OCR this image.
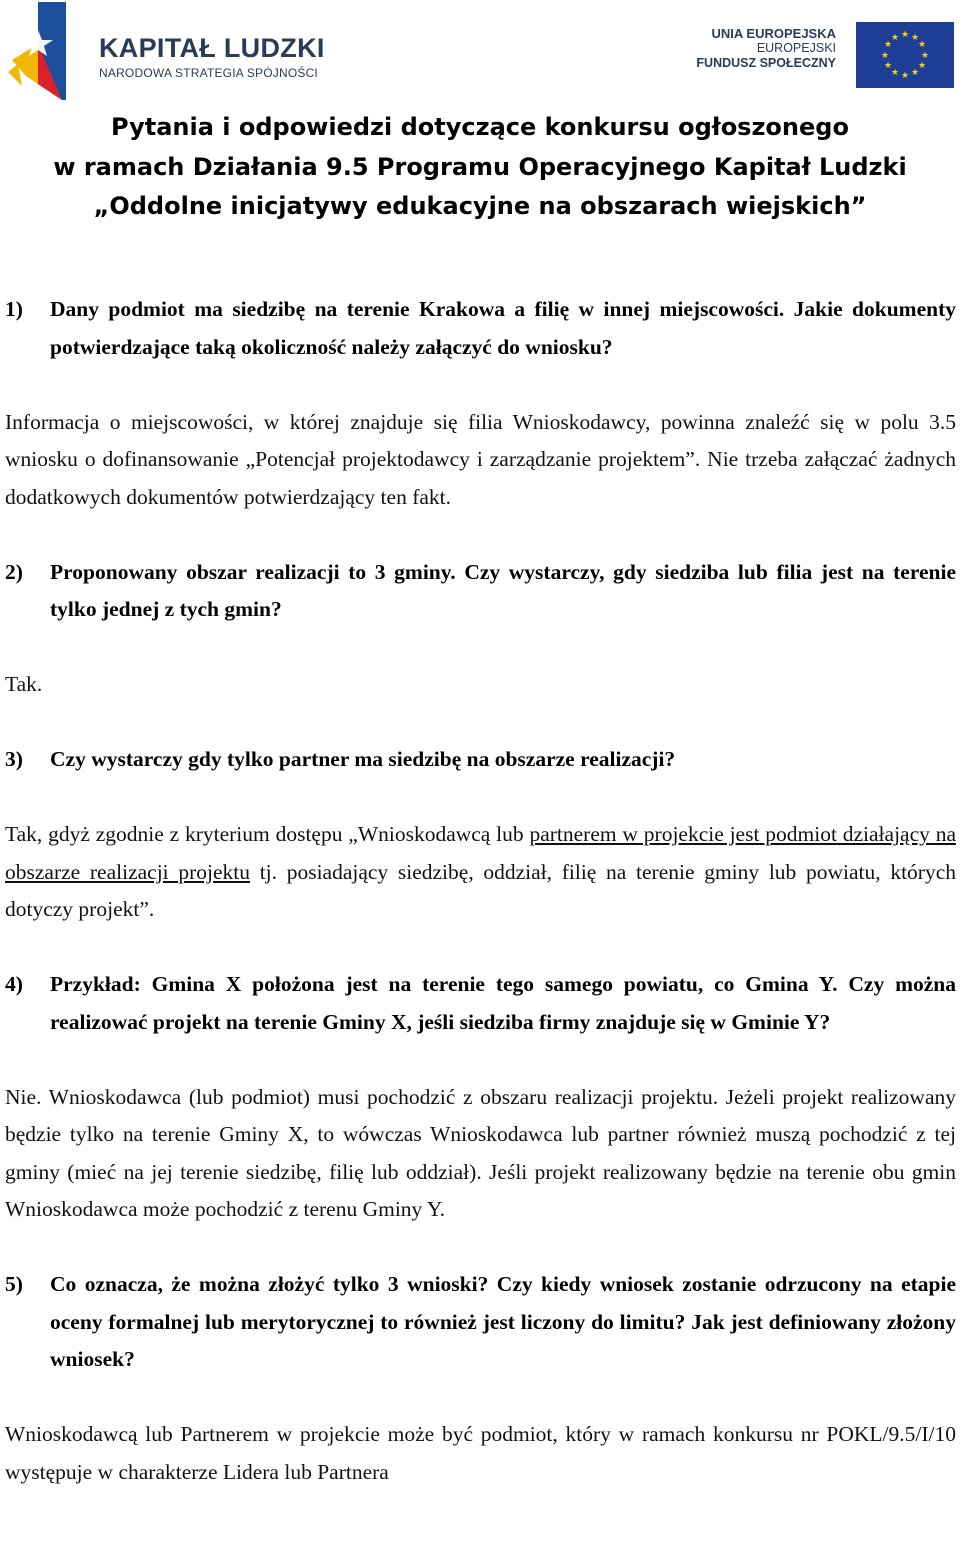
KAPITAŁ LUDZKI
NARODOWA STRATEGIA SPÓJNOŚCI
UNIA EUROPEJSKA
EUROPEJSKI
FUNDUSZ SPOŁECZNY
★ ★
★
★
★
★
★
★
★
★
★
★
Pytania i odpowiedzi dotyczące konkursu ogłoszonego
w ramach Działania 9.5 Programu Operacyjnego Kapitał Ludzki
„Oddolne inicjatywy edukacyjne na obszarach wiejskich”
1)	Dany podmiot ma siedzibę na terenie Krakowa a filię w innej miejscowości. Jakie dokumenty potwierdzające taką okoliczność należy załączyć do wniosku?
Informacja o miejscowości, w której znajduje się filia Wnioskodawcy, powinna znaleźć się w polu 3.5 wniosku o dofinansowanie „Potencjał projektodawcy i zarządzanie projektem”. Nie trzeba załączać żadnych dodatkowych dokumentów potwierdzający ten fakt.
2)	Proponowany obszar realizacji to 3 gminy. Czy wystarczy, gdy siedziba lub filia jest na terenie tylko jednej z tych gmin?
Tak.
3)	Czy wystarczy gdy tylko partner ma siedzibę na obszarze realizacji?
Tak, gdyż zgodnie z kryterium dostępu „Wnioskodawcą lub partnerem w projekcie jest podmiot działający na obszarze realizacji projektu tj. posiadający siedzibę, oddział, filię na terenie gminy lub powiatu, których dotyczy projekt”.
4)	Przykład: Gmina X położona jest na terenie tego samego powiatu, co Gmina Y. Czy można realizować projekt na terenie Gminy X, jeśli siedziba firmy znajduje się w Gminie Y?
Nie. Wnioskodawca (lub podmiot) musi pochodzić z obszaru realizacji projektu. Jeżeli projekt realizowany będzie tylko na terenie Gminy X, to wówczas Wnioskodawca lub partner również muszą pochodzić z tej gminy (mieć na jej terenie siedzibę, filię lub oddział). Jeśli projekt realizowany będzie na terenie obu gmin Wnioskodawca może pochodzić z terenu Gminy Y.
5)	Co oznacza, że można złożyć tylko 3 wnioski? Czy kiedy wniosek zostanie odrzucony na etapie oceny formalnej lub merytorycznej to również jest liczony do limitu? Jak jest definiowany złożony wniosek?
Wnioskodawcą lub Partnerem w projekcie może być podmiot, który w ramach konkursu nr POKL/9.5/I/10 występuje w charakterze Lidera lub Partnera
